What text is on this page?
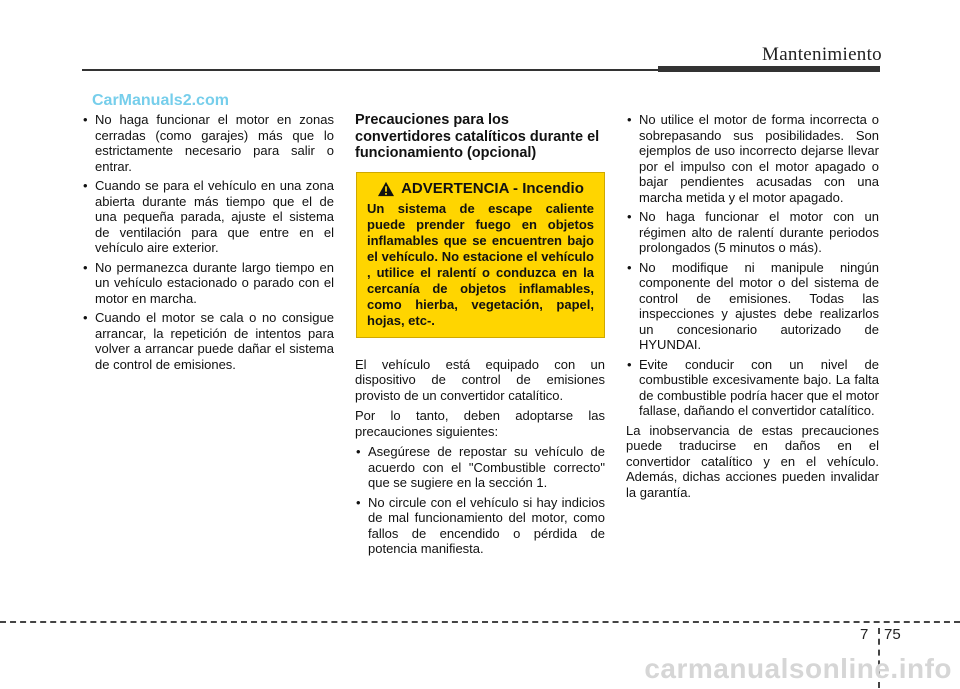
Mantenimiento
CarManuals2.com
• No haga funcionar el motor en zonas cerradas (como garajes) más que lo estrictamente necesario para salir o entrar.
• Cuando se para el vehículo en una zona abierta durante más tiempo que el de una pequeña parada, ajuste el sistema de ventilación para que entre en el vehículo aire exterior.
• No permanezca durante largo tiempo en un vehículo estacionado o parado con el motor en marcha.
• Cuando el motor se cala o no consigue arrancar, la repetición de intentos para volver a arrancar puede dañar el sistema de control de emisiones.
Precauciones para los convertidores catalíticos durante el funcionamiento (opcional)
ADVERTENCIA - Incendio
Un sistema de escape caliente puede prender fuego en objetos inflamables que se encuentren bajo el vehículo. No estacione el vehículo , utilice el ralentí o conduzca en la cercanía de objetos inflamables, como hierba, vegetación, papel, hojas, etc-.

El vehículo está equipado con un dispositivo de control de emisiones provisto de un convertidor catalítico.

Por lo tanto, deben adoptarse las precauciones siguientes:

• Asegúrese de repostar su vehículo de acuerdo con el "Combustible correcto" que se sugiere en la sección 1.
• No circule con el vehículo si hay indicios de mal funcionamiento del motor, como fallos de encendido o pérdida de potencia manifiesta.
• No utilice el motor de forma incorrecta o sobrepasando sus posibilidades. Son ejemplos de uso incorrecto dejarse llevar por el impulso con el motor apagado o bajar pendientes acusadas con una marcha metida y el motor apagado.
• No haga funcionar el motor con un régimen alto de ralentí durante periodos prolongados (5 minutos o más).
• No modifique ni manipule ningún componente del motor o del sistema de control de emisiones. Todas las inspecciones y ajustes debe realizarlos un concesionario autorizado de HYUNDAI.
• Evite conducir con un nivel de combustible excesivamente bajo. La falta de combustible podría hacer que el motor fallase, dañando el convertidor catalítico.

La inobservancia de estas precauciones puede traducirse en daños en el convertidor catalítico y en el vehículo. Además, dichas acciones pueden invalidar la garantía.

7 75
carmanualsonline.info
